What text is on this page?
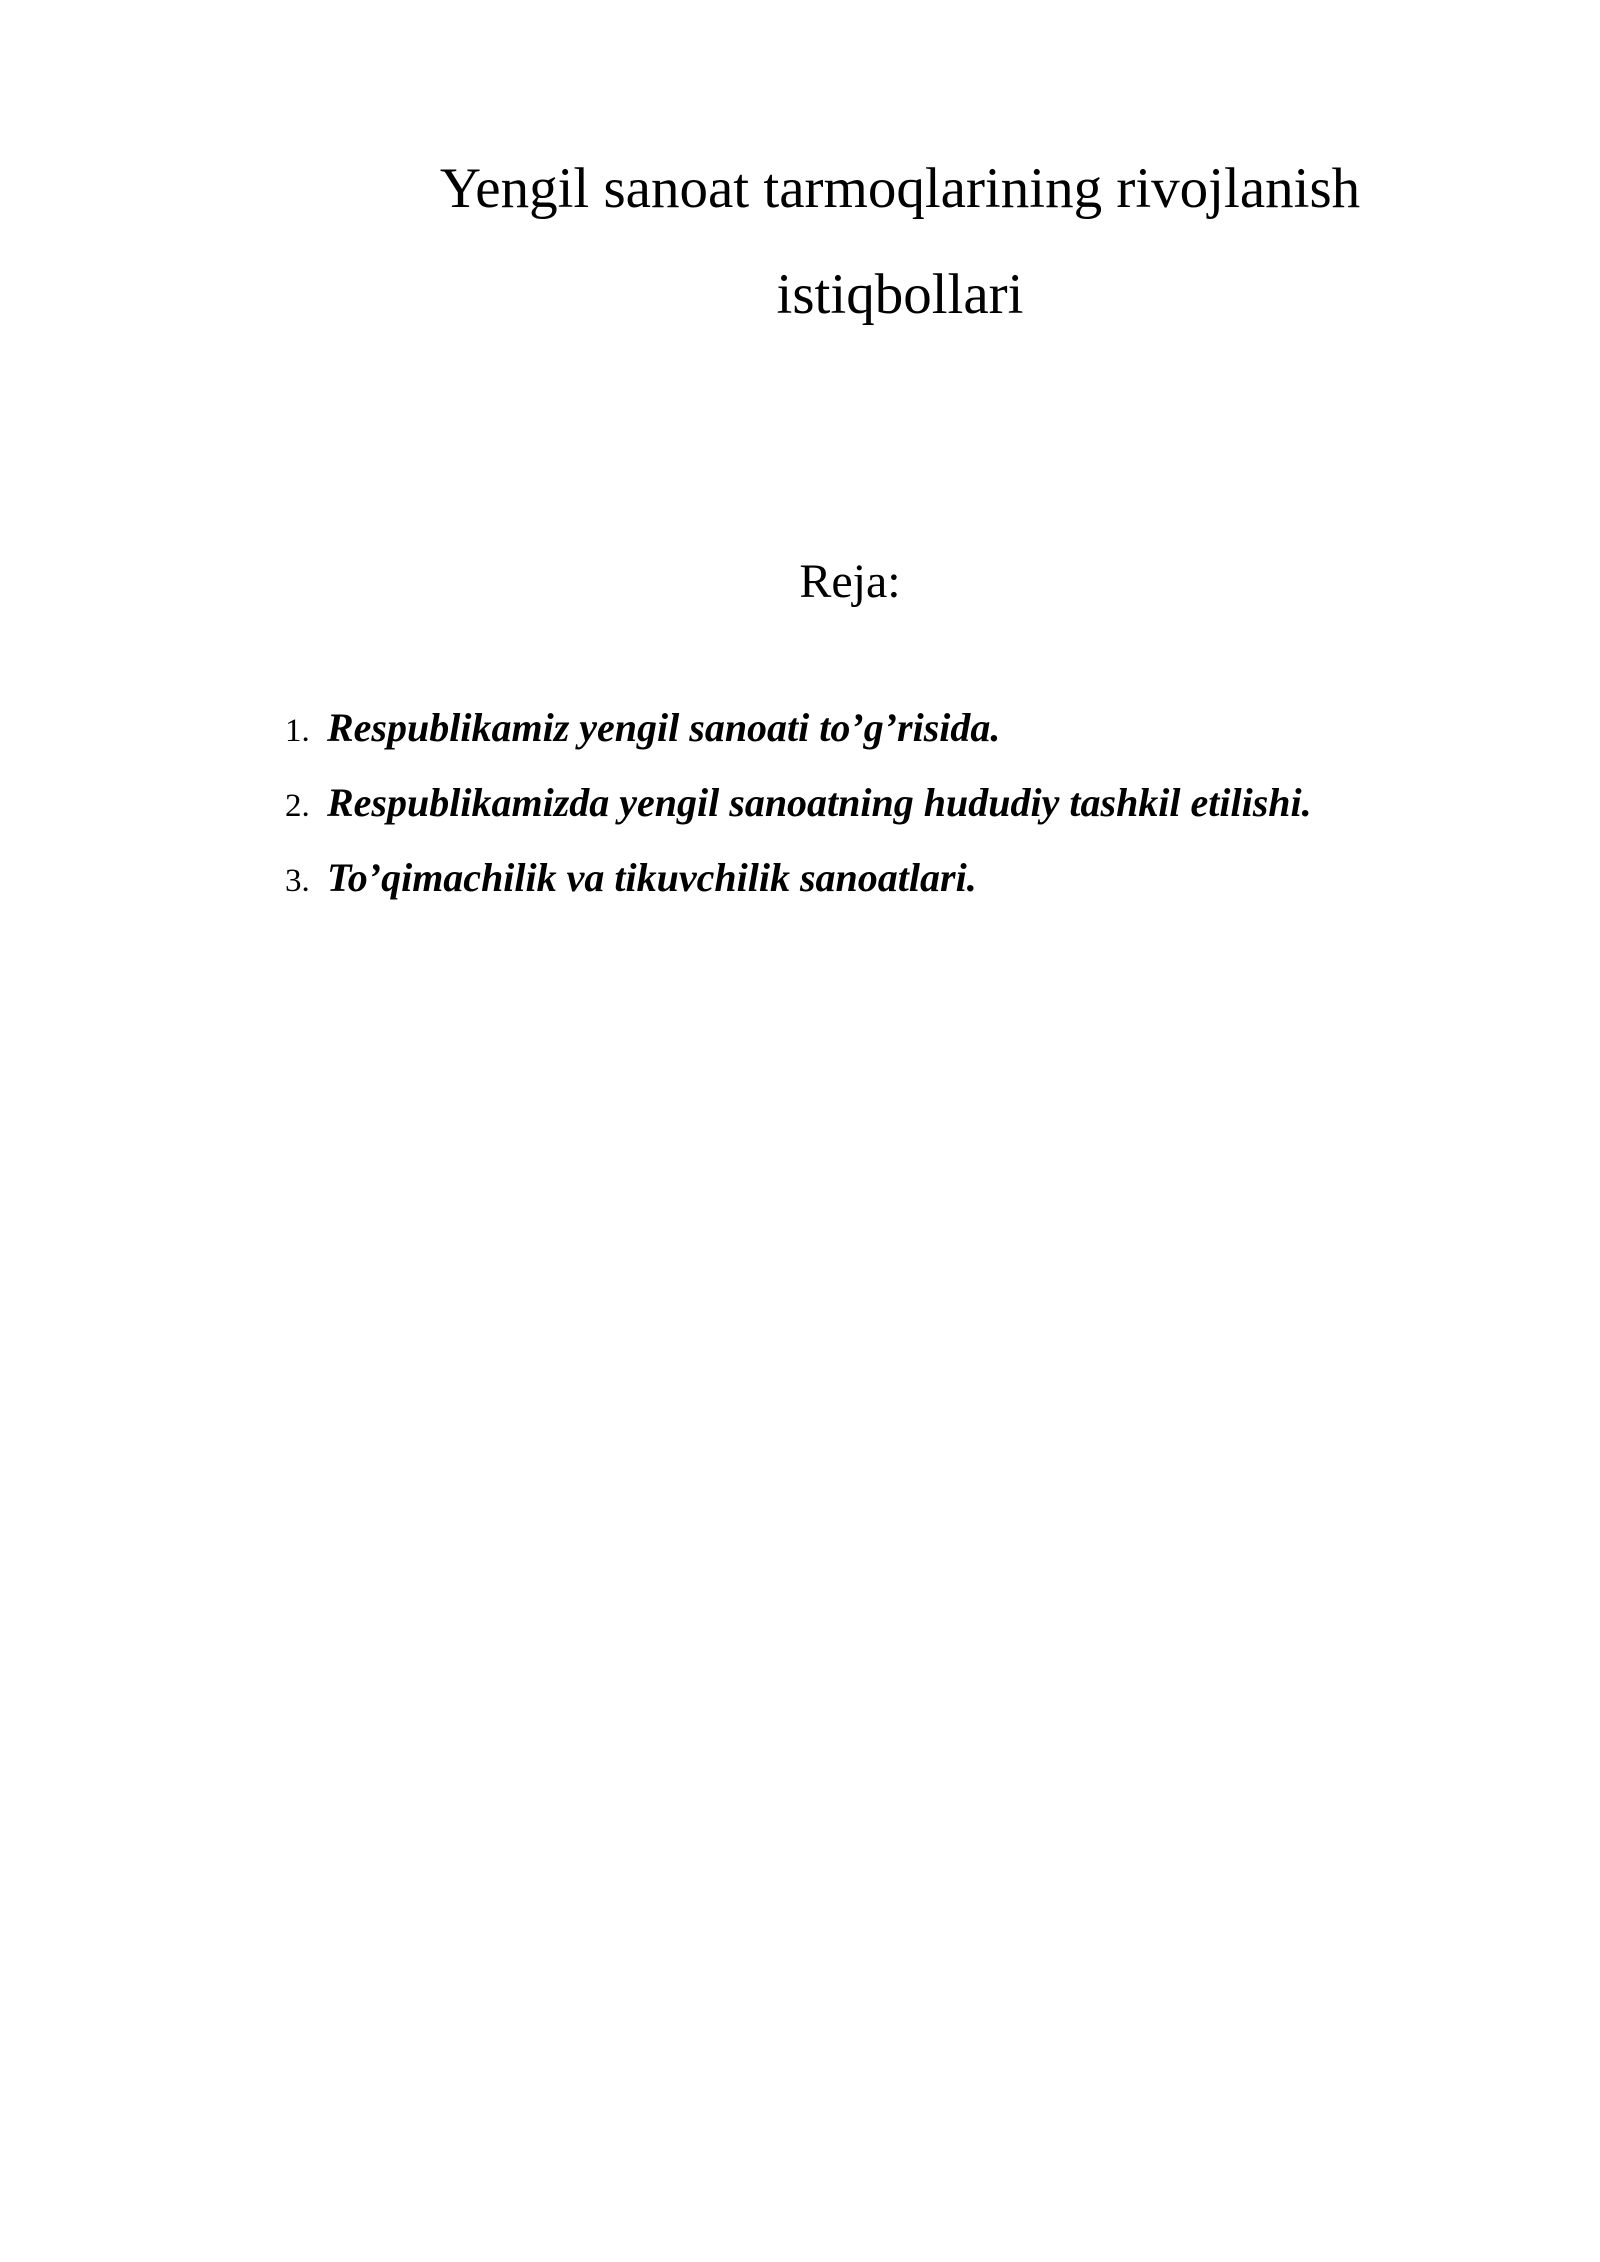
Yengil sanoat tarmoqlarining rivojlanish
istiqbollari
Reja:
1. Respublikamiz yengil sanoati to’g’risida.
2. Respublikamizda yengil sanoatning hududiy tashkil etilishi.
3. To’qimachilik va tikuvchilik sanoatlari.
